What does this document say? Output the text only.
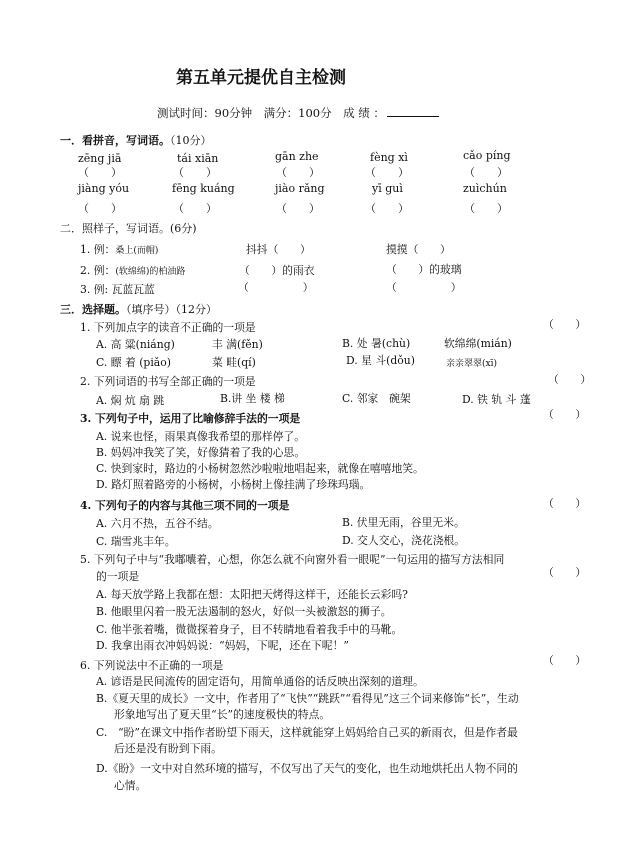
第五单元提优自主检测
测试时间：90分钟　满分：100分　成 绩 ：
一．看拼音，写词语。（10分）
zēng jiā	tái xiān	gān zhe	fèng xì	cǎo píng
（　　）	（　　）	（　　）	（　　）	（　　）
jiàng yóu	fēng kuáng	jiào rǎng	yī guì	zuìchún
（　　）	（　　）	（　　）	（　　）	（　　）
二．照样子，写词语。(6分)
1. 例：桑上(而帽)	抖抖（　　）	摸摸（　　）
2. 例：(软绵绵)的柏油路	（　　）的雨衣	（　　）的玻璃
3. 例: 瓦蓝瓦蓝	（　　　　　）	（　　　　　）
三．选择题。（填序号）（12分）
1. 下列加点字的读音不正确的一项是	（　　）
A. 高 粱(niáng)	丰 满(fěn)	B. 处 暑(chù)	软绵绵(mián)
C. 瞟 着 (piǎo)	菜 畦(qí)	D. 星 斗(dǒu)	亲亲翠翠(xī)
2. 下列词语的书写全部正确的一项是	（　　）
A. 焖 炕 扇 跳	B.讲 坐 楼 梯	C. 邻家　碗架	D. 铁 轨 斗 蓬
3. 下列句子中，运用了比喻修辞手法的一项是	（　　）
A. 说来也怪，雨果真像我希望的那样停了。
B. 妈妈冲我笑了笑，好像猜着了我的心思。
C. 快到家时，路边的小杨树忽然沙啦啦地唱起来，就像在嘻嘻地笑。
D. 路灯照着路旁的小杨树，小杨树上像挂满了珍珠玛瑙。
4. 下列句子的内容与其他三项不同的一项是	（　　）
A. 六月不热，五谷不结。	B. 伏里无雨，谷里无米。
C. 瑞雪兆丰年。	D. 交人交心，浇花浇根。
5. 下列句子中与“我嘟囔着，心想，你怎么就不向窗外看一眼呢”一句运用的描写方法相同
的一项是	（　　）
A. 每天放学路上我都在想：太阳把天烤得这样干，还能长云彩吗?
B. 他眼里闪着一股无法遏制的怒火，好似一头被激怒的狮子。
C. 他半张着嘴，微微探着身子，目不转睛地看着我手中的马靴。
D. 我拿出雨衣冲妈妈说：“妈妈，下呢，还在下呢！”
6. 下列说法中不正确的一项是	（　　）
A. 谚语是民间流传的固定语句，用简单通俗的话反映出深刻的道理。
B.《夏天里的成长》一文中，作者用了“飞快”“跳跃”“看得见”这三个词来修饰“长”，生动
形象地写出了夏天里“长”的速度极快的特点。
C.　“盼”在课文中指作者盼望下雨天，这样就能穿上妈妈给自己买的新雨衣，但是作者最
后还是没有盼到下雨。
D.《盼》一文中对自然环境的描写，不仅写出了天气的变化，也生动地烘托出人物不同的
心情。
